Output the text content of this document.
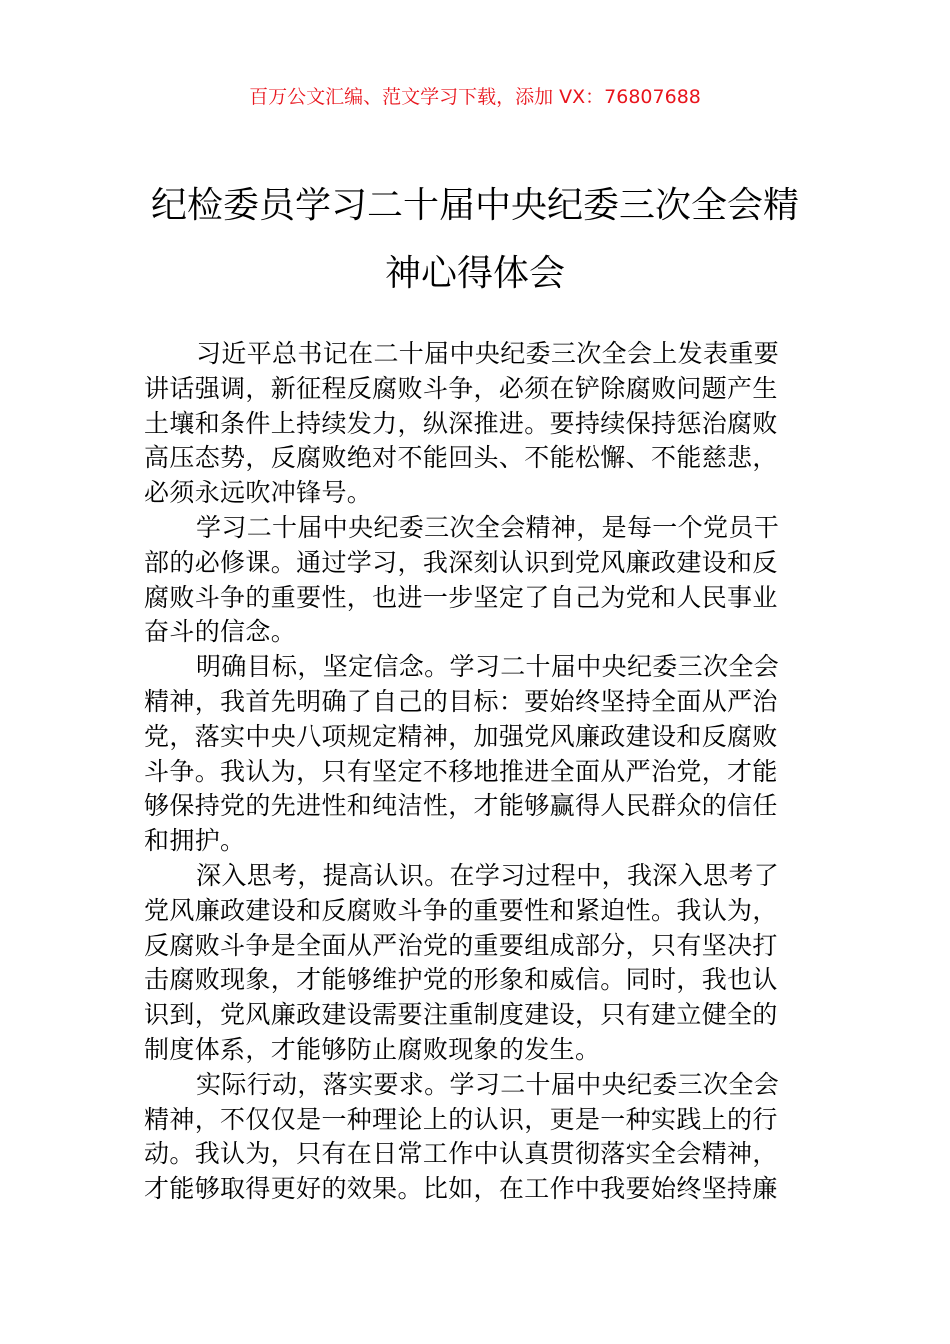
百万公文汇编、范文学习下载，添加 VX：76807688
纪检委员学习二十届中央纪委三次全会精
神心得体会

习近平总书记在二十届中央纪委三次全会上发表重要
讲话强调，新征程反腐败斗争，必须在铲除腐败问题产生
土壤和条件上持续发力，纵深推进。要持续保持惩治腐败
高压态势，反腐败绝对不能回头、不能松懈、不能慈悲，
必须永远吹冲锋号。

学习二十届中央纪委三次全会精神，是每一个党员干
部的必修课。通过学习，我深刻认识到党风廉政建设和反
腐败斗争的重要性，也进一步坚定了自己为党和人民事业
奋斗的信念。

明确目标，坚定信念。学习二十届中央纪委三次全会
精神，我首先明确了自己的目标：要始终坚持全面从严治
党，落实中央八项规定精神，加强党风廉政建设和反腐败
斗争。我认为，只有坚定不移地推进全面从严治党，才能
够保持党的先进性和纯洁性，才能够赢得人民群众的信任
和拥护。

深入思考，提高认识。在学习过程中，我深入思考了
党风廉政建设和反腐败斗争的重要性和紧迫性。我认为，
反腐败斗争是全面从严治党的重要组成部分，只有坚决打
击腐败现象，才能够维护党的形象和威信。同时，我也认
识到，党风廉政建设需要注重制度建设，只有建立健全的
制度体系，才能够防止腐败现象的发生。

实际行动，落实要求。学习二十届中央纪委三次全会
精神，不仅仅是一种理论上的认识，更是一种实践上的行
动。我认为，只有在日常工作中认真贯彻落实全会精神，
才能够取得更好的效果。比如，在工作中我要始终坚持廉
